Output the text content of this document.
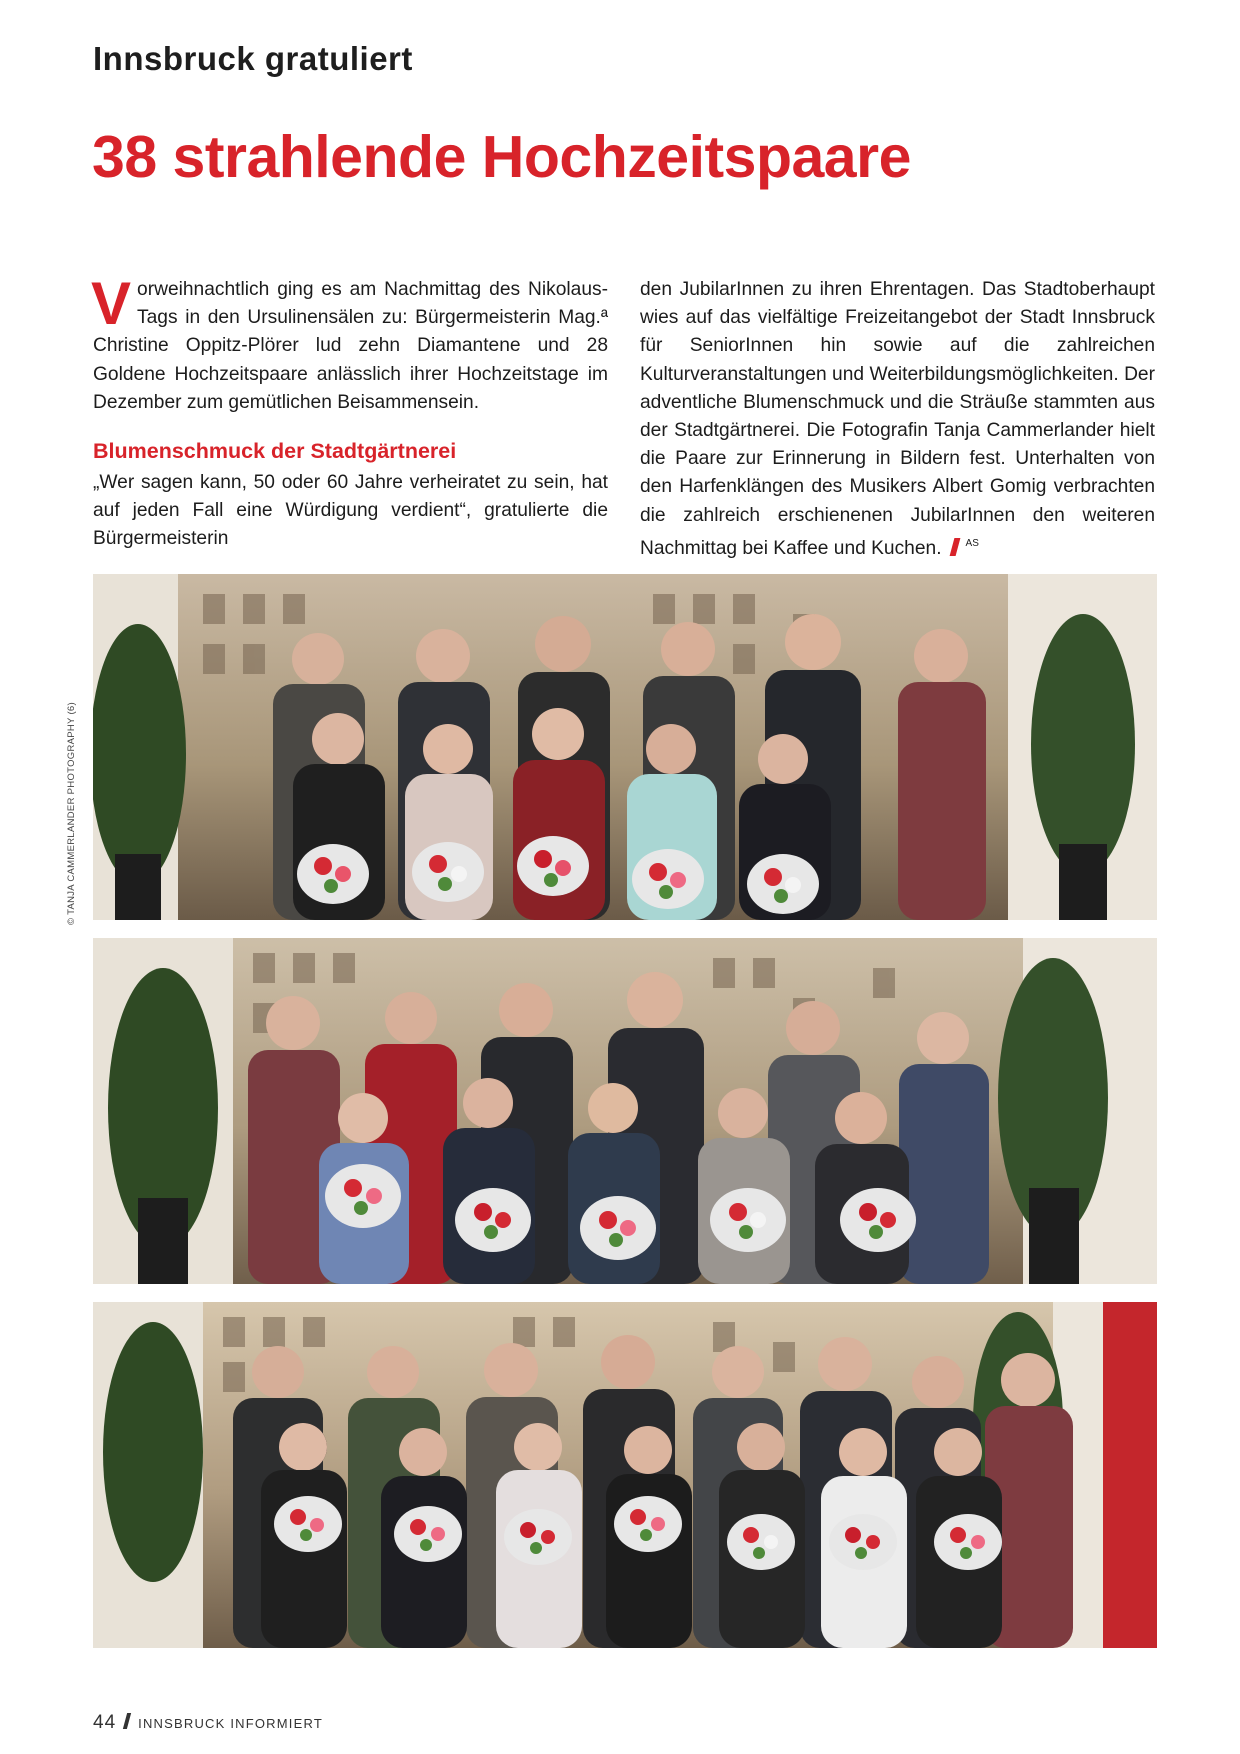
Innsbruck gratuliert
38 strahlende Hochzeitspaare

Vorweihnachtlich ging es am Nachmittag des Nikolaus-Tags in den Ursulinensälen zu: Bürgermeisterin Mag.ª Christine Oppitz-Plörer lud zehn Diamantene und 28 Goldene Hochzeitspaare anlässlich ihrer Hochzeitstage im Dezember zum gemütlichen Beisammensein.

Blumenschmuck der Stadtgärtnerei

„Wer sagen kann, 50 oder 60 Jahre verheiratet zu sein, hat auf jeden Fall eine Würdigung verdient“, gratulierte die Bürgermeisterin

den JubilarInnen zu ihren Ehrentagen. Das Stadtoberhaupt wies auf das vielfältige Freizeitangebot der Stadt Innsbruck für SeniorInnen hin sowie auf die zahlreichen Kulturveranstaltungen und Weiterbildungsmöglichkeiten. Der adventliche Blumenschmuck und die Sträuße stammten aus der Stadtgärtnerei. Die Fotografin Tanja Cammerlander hielt die Paare zur Erinnerung in Bildern fest. Unterhalten von den Harfenklängen des Musikers Albert Gomig verbrachten die zahlreich erschienenen JubilarInnen den weiteren Nachmittag bei Kaffee und Kuchen. $^{AS}$

© TANJA CAMMERLANDER PHOTOGRAPHY (6)
44 INNSBRUCK INFORMIERT
